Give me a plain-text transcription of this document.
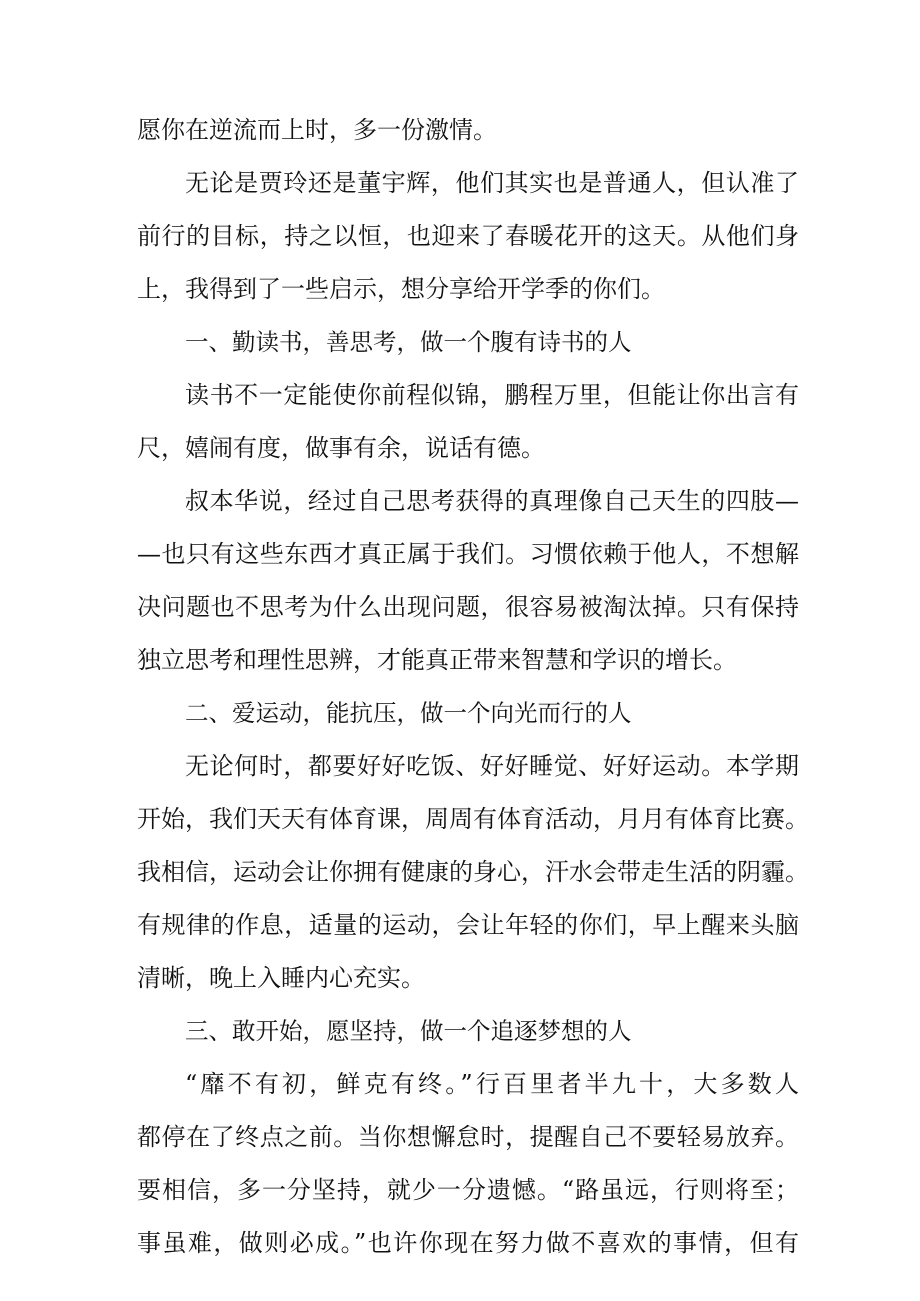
愿你在逆流而上时，多一份激情。
无论是贾玲还是董宇辉，他们其实也是普通人，但认准了
前行的目标，持之以恒，也迎来了春暖花开的这天。从他们身
上，我得到了一些启示，想分享给开学季的你们。
一、勤读书，善思考，做一个腹有诗书的人
读书不一定能使你前程似锦，鹏程万里，但能让你出言有
尺，嬉闹有度，做事有余，说话有德。
叔本华说，经过自己思考获得的真理像自己天生的四肢—
—也只有这些东西才真正属于我们。习惯依赖于他人，不想解
决问题也不思考为什么出现问题，很容易被淘汰掉。只有保持
独立思考和理性思辨，才能真正带来智慧和学识的增长。
二、爱运动，能抗压，做一个向光而行的人
无论何时，都要好好吃饭、好好睡觉、好好运动。本学期
开始，我们天天有体育课，周周有体育活动，月月有体育比赛。
我相信，运动会让你拥有健康的身心，汗水会带走生活的阴霾。
有规律的作息，适量的运动，会让年轻的你们，早上醒来头脑
清晰，晚上入睡内心充实。
三、敢开始，愿坚持，做一个追逐梦想的人
“靡不有初，鲜克有终。”行百里者半九十，大多数人
都停在了终点之前。当你想懈怠时，提醒自己不要轻易放弃。
要相信，多一分坚持，就少一分遗憾。“路虽远，行则将至；
事虽难，做则必成。”也许你现在努力做不喜欢的事情，但有
